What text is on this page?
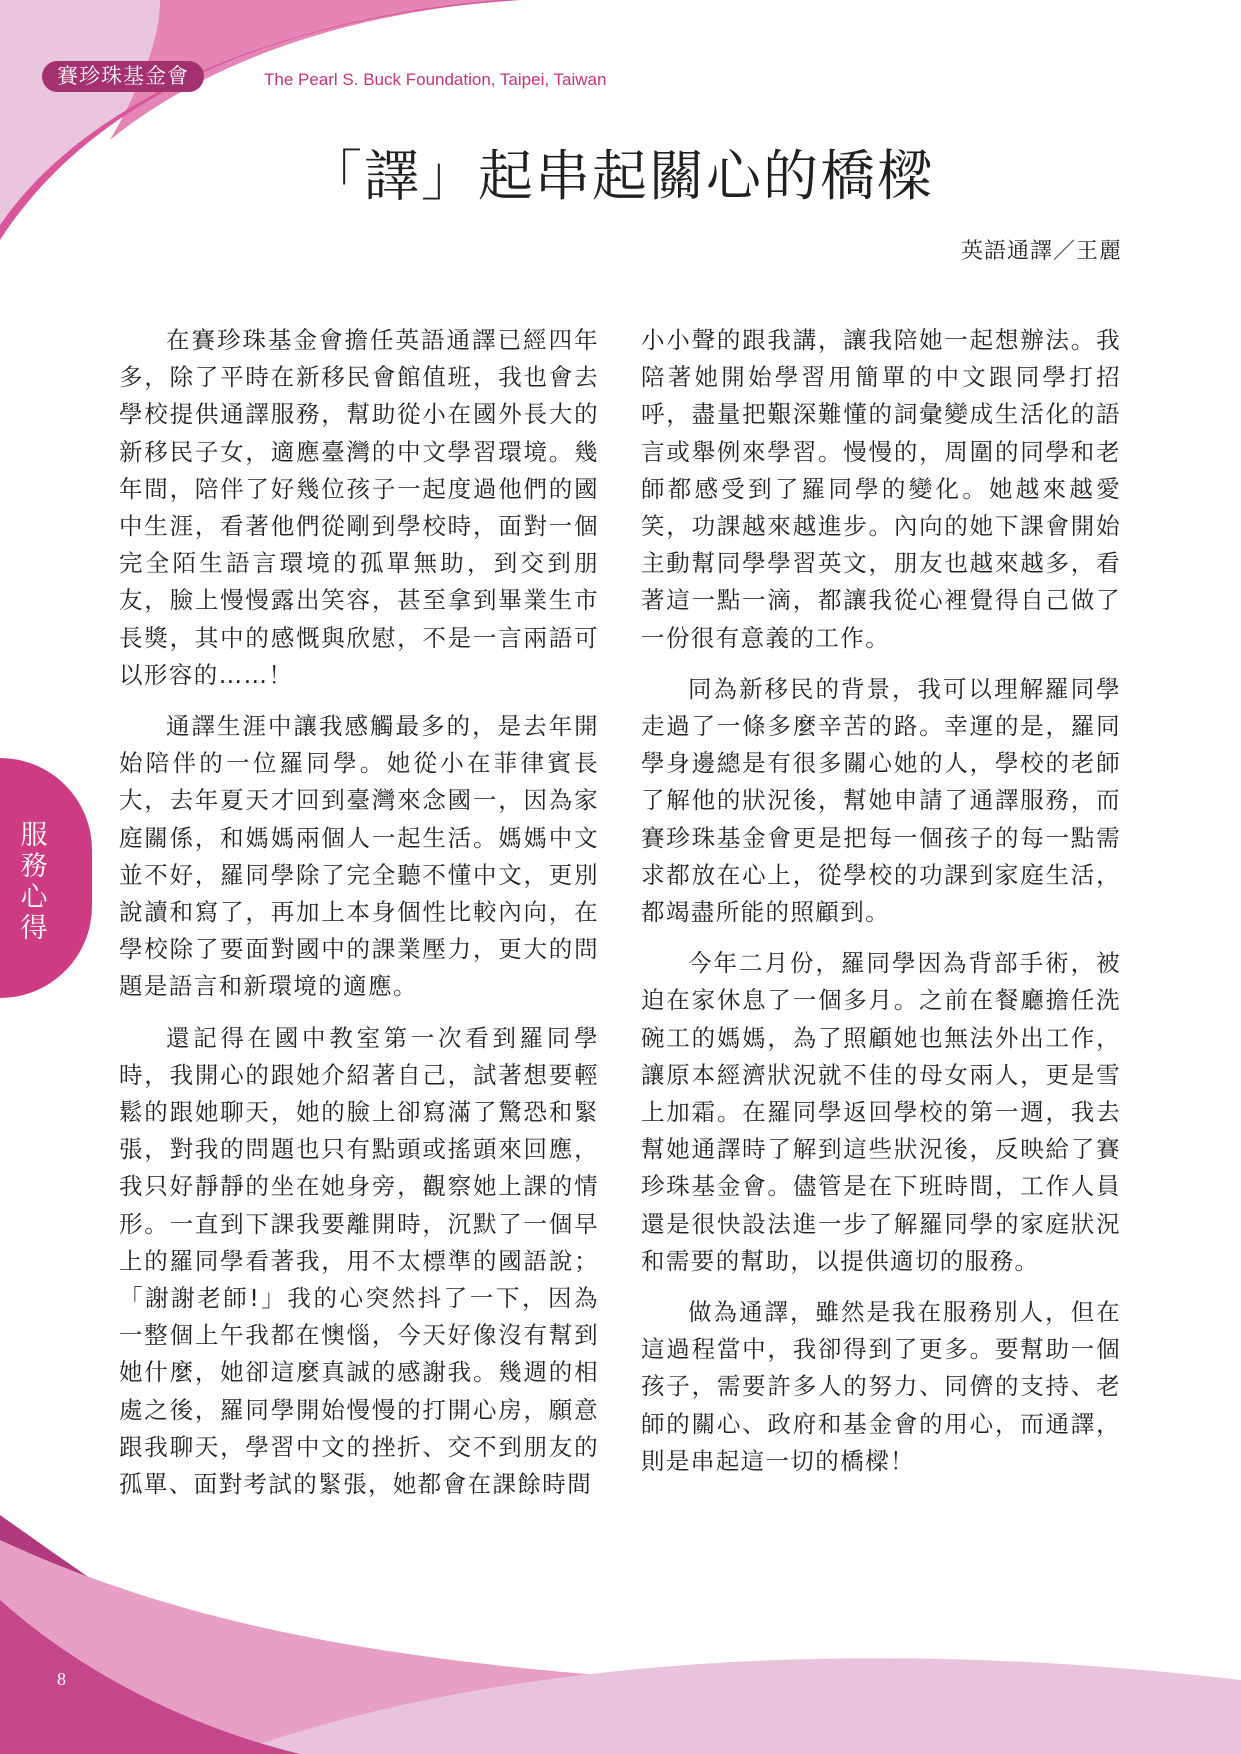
賽珍珠基金會	The Pearl S. Buck Foundation, Taipei, Taiwan
「譯」起串起關心的橋樑
英語通譯／王麗
服務心得

在賽珍珠基金會擔任英語通譯已經四年多，除了平時在新移民會館值班，我也會去學校提供通譯服務，幫助從小在國外長大的新移民子女，適應臺灣的中文學習環境。幾年間，陪伴了好幾位孩子一起度過他們的國中生涯，看著他們從剛到學校時，面對一個完全陌生語言環境的孤單無助，到交到朋友，臉上慢慢露出笑容，甚至拿到畢業生市長獎，其中的感慨與欣慰，不是一言兩語可以形容的……！

通譯生涯中讓我感觸最多的，是去年開始陪伴的一位羅同學。她從小在菲律賓長大，去年夏天才回到臺灣來念國一，因為家庭關係，和媽媽兩個人一起生活。媽媽中文並不好，羅同學除了完全聽不懂中文，更別說讀和寫了，再加上本身個性比較內向，在學校除了要面對國中的課業壓力，更大的問題是語言和新環境的適應。

還記得在國中教室第一次看到羅同學時，我開心的跟她介紹著自己，試著想要輕鬆的跟她聊天，她的臉上卻寫滿了驚恐和緊張，對我的問題也只有點頭或搖頭來回應，我只好靜靜的坐在她身旁，觀察她上課的情形。一直到下課我要離開時，沉默了一個早上的羅同學看著我，用不太標準的國語說；「謝謝老師!」我的心突然抖了一下，因為一整個上午我都在懊惱，今天好像沒有幫到她什麼，她卻這麼真誠的感謝我。幾週的相處之後，羅同學開始慢慢的打開心房，願意跟我聊天，學習中文的挫折、交不到朋友的孤單、面對考試的緊張，她都會在課餘時間

小小聲的跟我講，讓我陪她一起想辦法。我陪著她開始學習用簡單的中文跟同學打招呼，盡量把艱深難懂的詞彙變成生活化的語言或舉例來學習。慢慢的，周圍的同學和老師都感受到了羅同學的變化。她越來越愛笑，功課越來越進步。內向的她下課會開始主動幫同學學習英文，朋友也越來越多，看著這一點一滴，都讓我從心裡覺得自己做了一份很有意義的工作。

同為新移民的背景，我可以理解羅同學走過了一條多麼辛苦的路。幸運的是，羅同學身邊總是有很多關心她的人，學校的老師了解他的狀況後，幫她申請了通譯服務，而賽珍珠基金會更是把每一個孩子的每一點需求都放在心上，從學校的功課到家庭生活，都竭盡所能的照顧到。

今年二月份，羅同學因為背部手術，被迫在家休息了一個多月。之前在餐廳擔任洗碗工的媽媽，為了照顧她也無法外出工作，讓原本經濟狀況就不佳的母女兩人，更是雪上加霜。在羅同學返回學校的第一週，我去幫她通譯時了解到這些狀況後，反映給了賽珍珠基金會。儘管是在下班時間，工作人員還是很快設法進一步了解羅同學的家庭狀況和需要的幫助，以提供適切的服務。

做為通譯，雖然是我在服務別人，但在這過程當中，我卻得到了更多。要幫助一個孩子，需要許多人的努力、同儕的支持、老師的關心、政府和基金會的用心，而通譯，則是串起這一切的橋樑！

8
